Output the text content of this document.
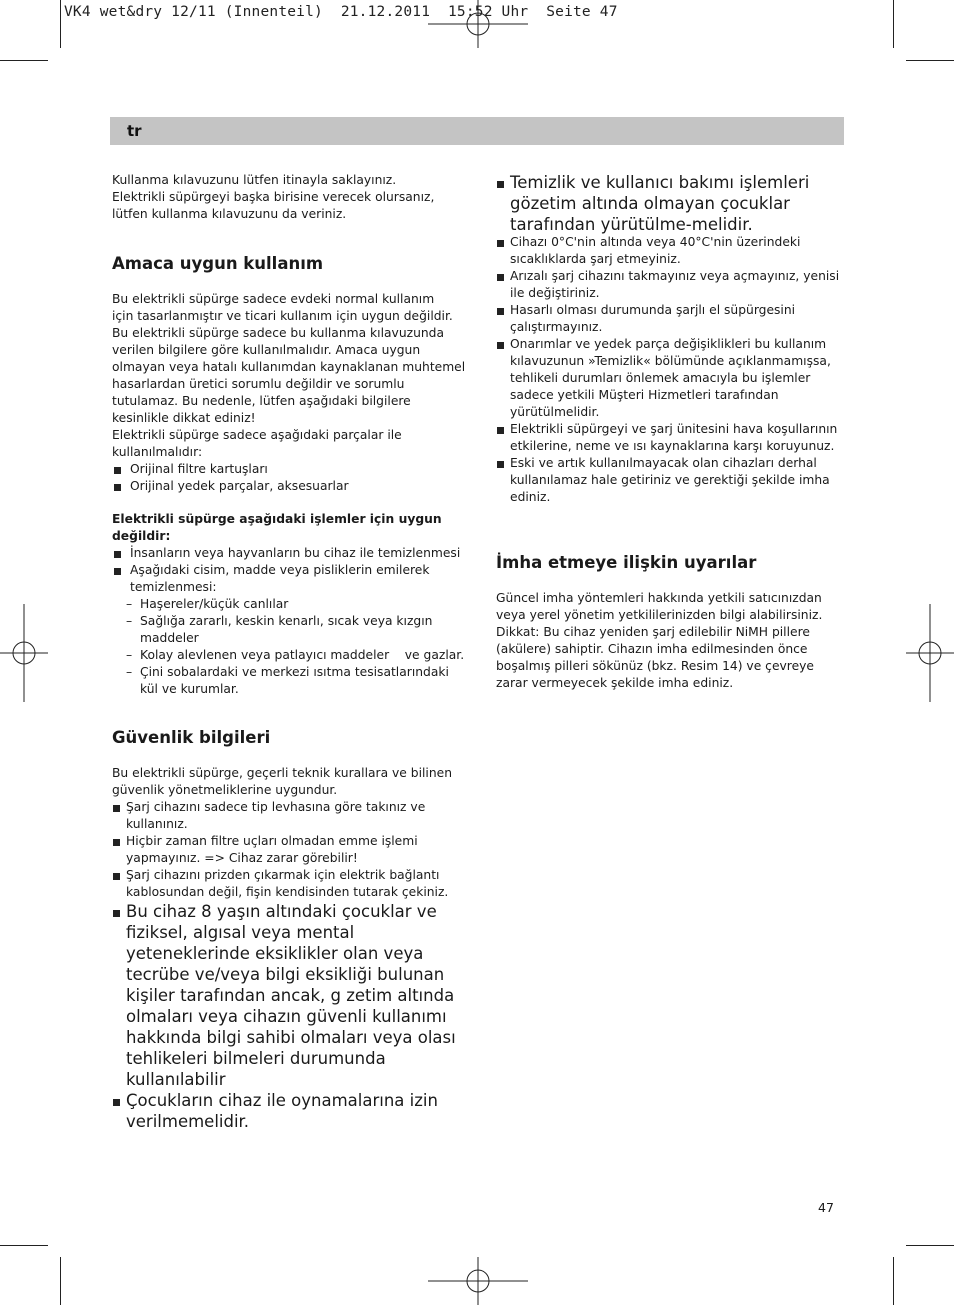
VK4 wet&dry 12/11 (Innenteil)  21.12.2011  15:52 Uhr  Seite 47
tr

Kullanma kılavuzunu lütfen itinayla saklayınız.

Elektrikli süpürgeyi başka birisine verecek olursanız,

lütfen kullanma kılavuzunu da veriniz.

Amaca uygun kullanım

Bu elektrikli süpürge sadece evdeki normal kullanım

için tasarlanmıştır ve ticari kullanım için uygun değildir.

Bu elektrikli süpürge sadece bu kullanma kılavuzunda

verilen bilgilere göre kullanılmalıdır. Amaca uygun

olmayan veya hatalı kullanımdan kaynaklanan muhtemel

hasarlardan üretici sorumlu değildir ve sorumlu

tutulamaz. Bu nedenle, lütfen aşağıdaki bilgilere

kesinlikle dikkat ediniz!

Elektrikli süpürge sadece aşağıdaki parçalar ile

kullanılmalıdır:

Orijinal filtre kartuşları
Orijinal yedek parçalar, aksesuarlar

Elektrikli süpürge aşağıdaki işlemler için uygun

değildir:

İnsanların veya hayvanların bu cihaz ile temizlenmesi
Aşağıdaki cisim, madde veya pisliklerin emilerek

temizlenmesi:

– Haşereler/küçük canlılar
– Sağlığa zararlı, keskin kenarlı, sıcak veya kızgın
maddeler
– Kolay alevlenen veya patlayıcı maddeler    ve gazlar.
– Çini sobalardaki ve merkezi ısıtma tesisatlarındaki
kül ve kurumlar.
Güvenlik bilgileri

Bu elektrikli süpürge, geçerli teknik kurallara ve bilinen

güvenlik yönetmeliklerine uygundur.

Şarj cihazını sadece tip levhasına göre takınız ve
kullanınız.
Hiçbir zaman filtre uçları olmadan emme işlemi
yapmayınız. => Cihaz zarar görebilir!
Şarj cihazını prizden çıkarmak için elektrik bağlantı
kablosundan değil, fişin kendisinden tutarak çekiniz.
Bu cihaz 8 yaşın altındaki çocuklar ve
fiziksel, algısal veya mental
yeteneklerinde eksiklikler olan veya
tecrübe ve/veya bilgi eksikliği bulunan
kişiler tarafından ancak, g zetim altında
olmaları veya cihazın güvenli kullanımı
hakkında bilgi sahibi olmaları veya olası
tehlikeleri bilmeleri durumunda
kullanılabilir
Çocukların cihaz ile oynamalarına izin
verilmemelidir.
Temizlik ve kullanıcı bakımı işlemleri
gözetim altında olmayan çocuklar
tarafından yürütülme-melidir.
Cihazı 0°C'nin altında veya 40°C'nin üzerindeki
sıcaklıklarda şarj etmeyiniz.
Arızalı şarj cihazını takmayınız veya açmayınız, yenisi
ile değiştiriniz.
Hasarlı olması durumunda şarjlı el süpürgesini
çalıştırmayınız.
Onarımlar ve yedek parça değişiklikleri bu kullanım
kılavuzunun »Temizlik« bölümünde açıklanmamışsa,
tehlikeli durumları önlemek amacıyla bu işlemler
sadece yetkili Müşteri Hizmetleri tarafından
yürütülmelidir.
Elektrikli süpürgeyi ve şarj ünitesini hava koşullarının
etkilerine, neme ve ısı kaynaklarına karşı koruyunuz.
Eski ve artık kullanılmayacak olan cihazları derhal
kullanılamaz hale getiriniz ve gerektiği şekilde imha
ediniz.
İmha etmeye ilişkin uyarılar

Güncel imha yöntemleri hakkında yetkili satıcınızdan

veya yerel yönetim yetkililerinizden bilgi alabilirsiniz.

Dikkat: Bu cihaz yeniden şarj edilebilir NiMH pillere

(akülere) sahiptir. Cihazın imha edilmesinden önce

boşalmış pilleri sökünüz (bkz. Resim 14) ve çevreye

zarar vermeyecek şekilde imha ediniz.

47
